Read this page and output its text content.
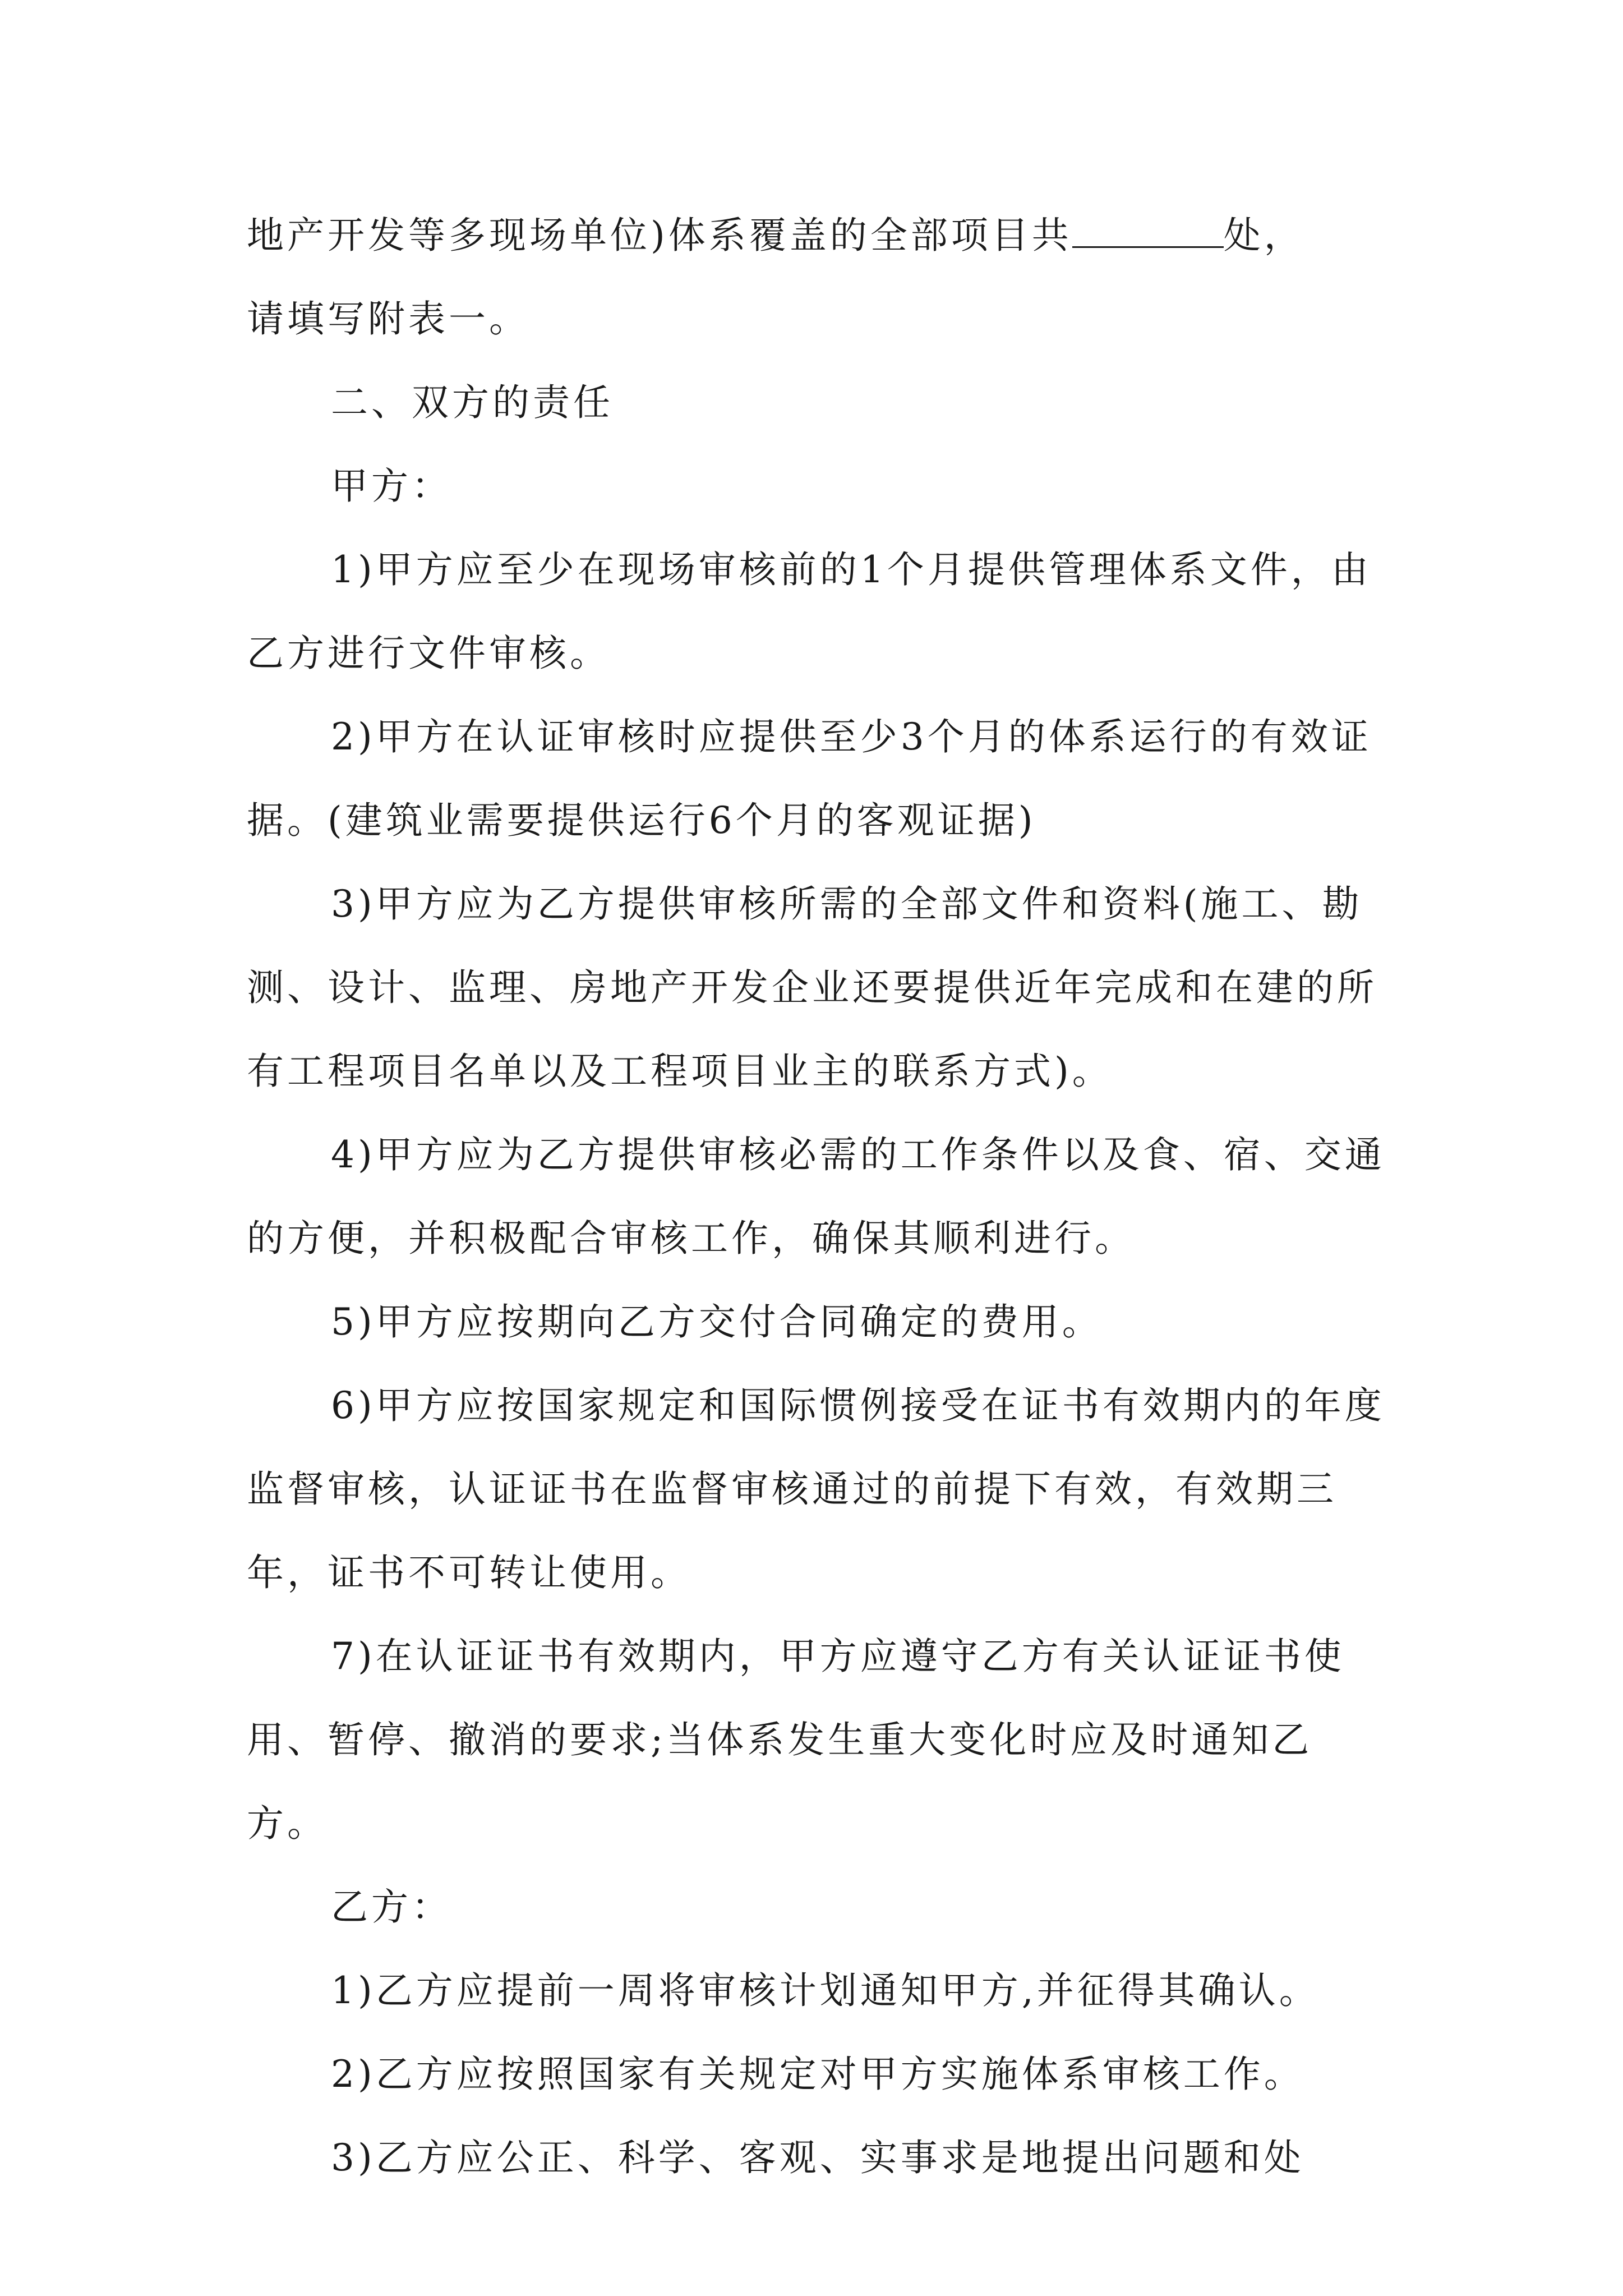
地产开发等多现场单位)体系覆盖的全部项目共	处，
请填写附表一。

二、双方的责任

甲方：

1)甲方应至少在现场审核前的1个月提供管理体系文件，由乙方进行文件审核。

2)甲方在认证审核时应提供至少3个月的体系运行的有效证据。(建筑业需要提供运行6个月的客观证据)

3)甲方应为乙方提供审核所需的全部文件和资料(施工、勘测、设计、监理、房地产开发企业还要提供近年完成和在建的所有工程项目名单以及工程项目业主的联系方式)。

4)甲方应为乙方提供审核必需的工作条件以及食、宿、交通的方便，并积极配合审核工作，确保其顺利进行。

5)甲方应按期向乙方交付合同确定的费用。

6)甲方应按国家规定和国际惯例接受在证书有效期内的年度监督审核，认证证书在监督审核通过的前提下有效，有效期三年，证书不可转让使用。

7)在认证证书有效期内，甲方应遵守乙方有关认证证书使用、暂停、撤消的要求;当体系发生重大变化时应及时通知乙方。

乙方：

1)乙方应提前一周将审核计划通知甲方,并征得其确认。

2)乙方应按照国家有关规定对甲方实施体系审核工作。

3)乙方应公正、科学、客观、实事求是地提出问题和处
